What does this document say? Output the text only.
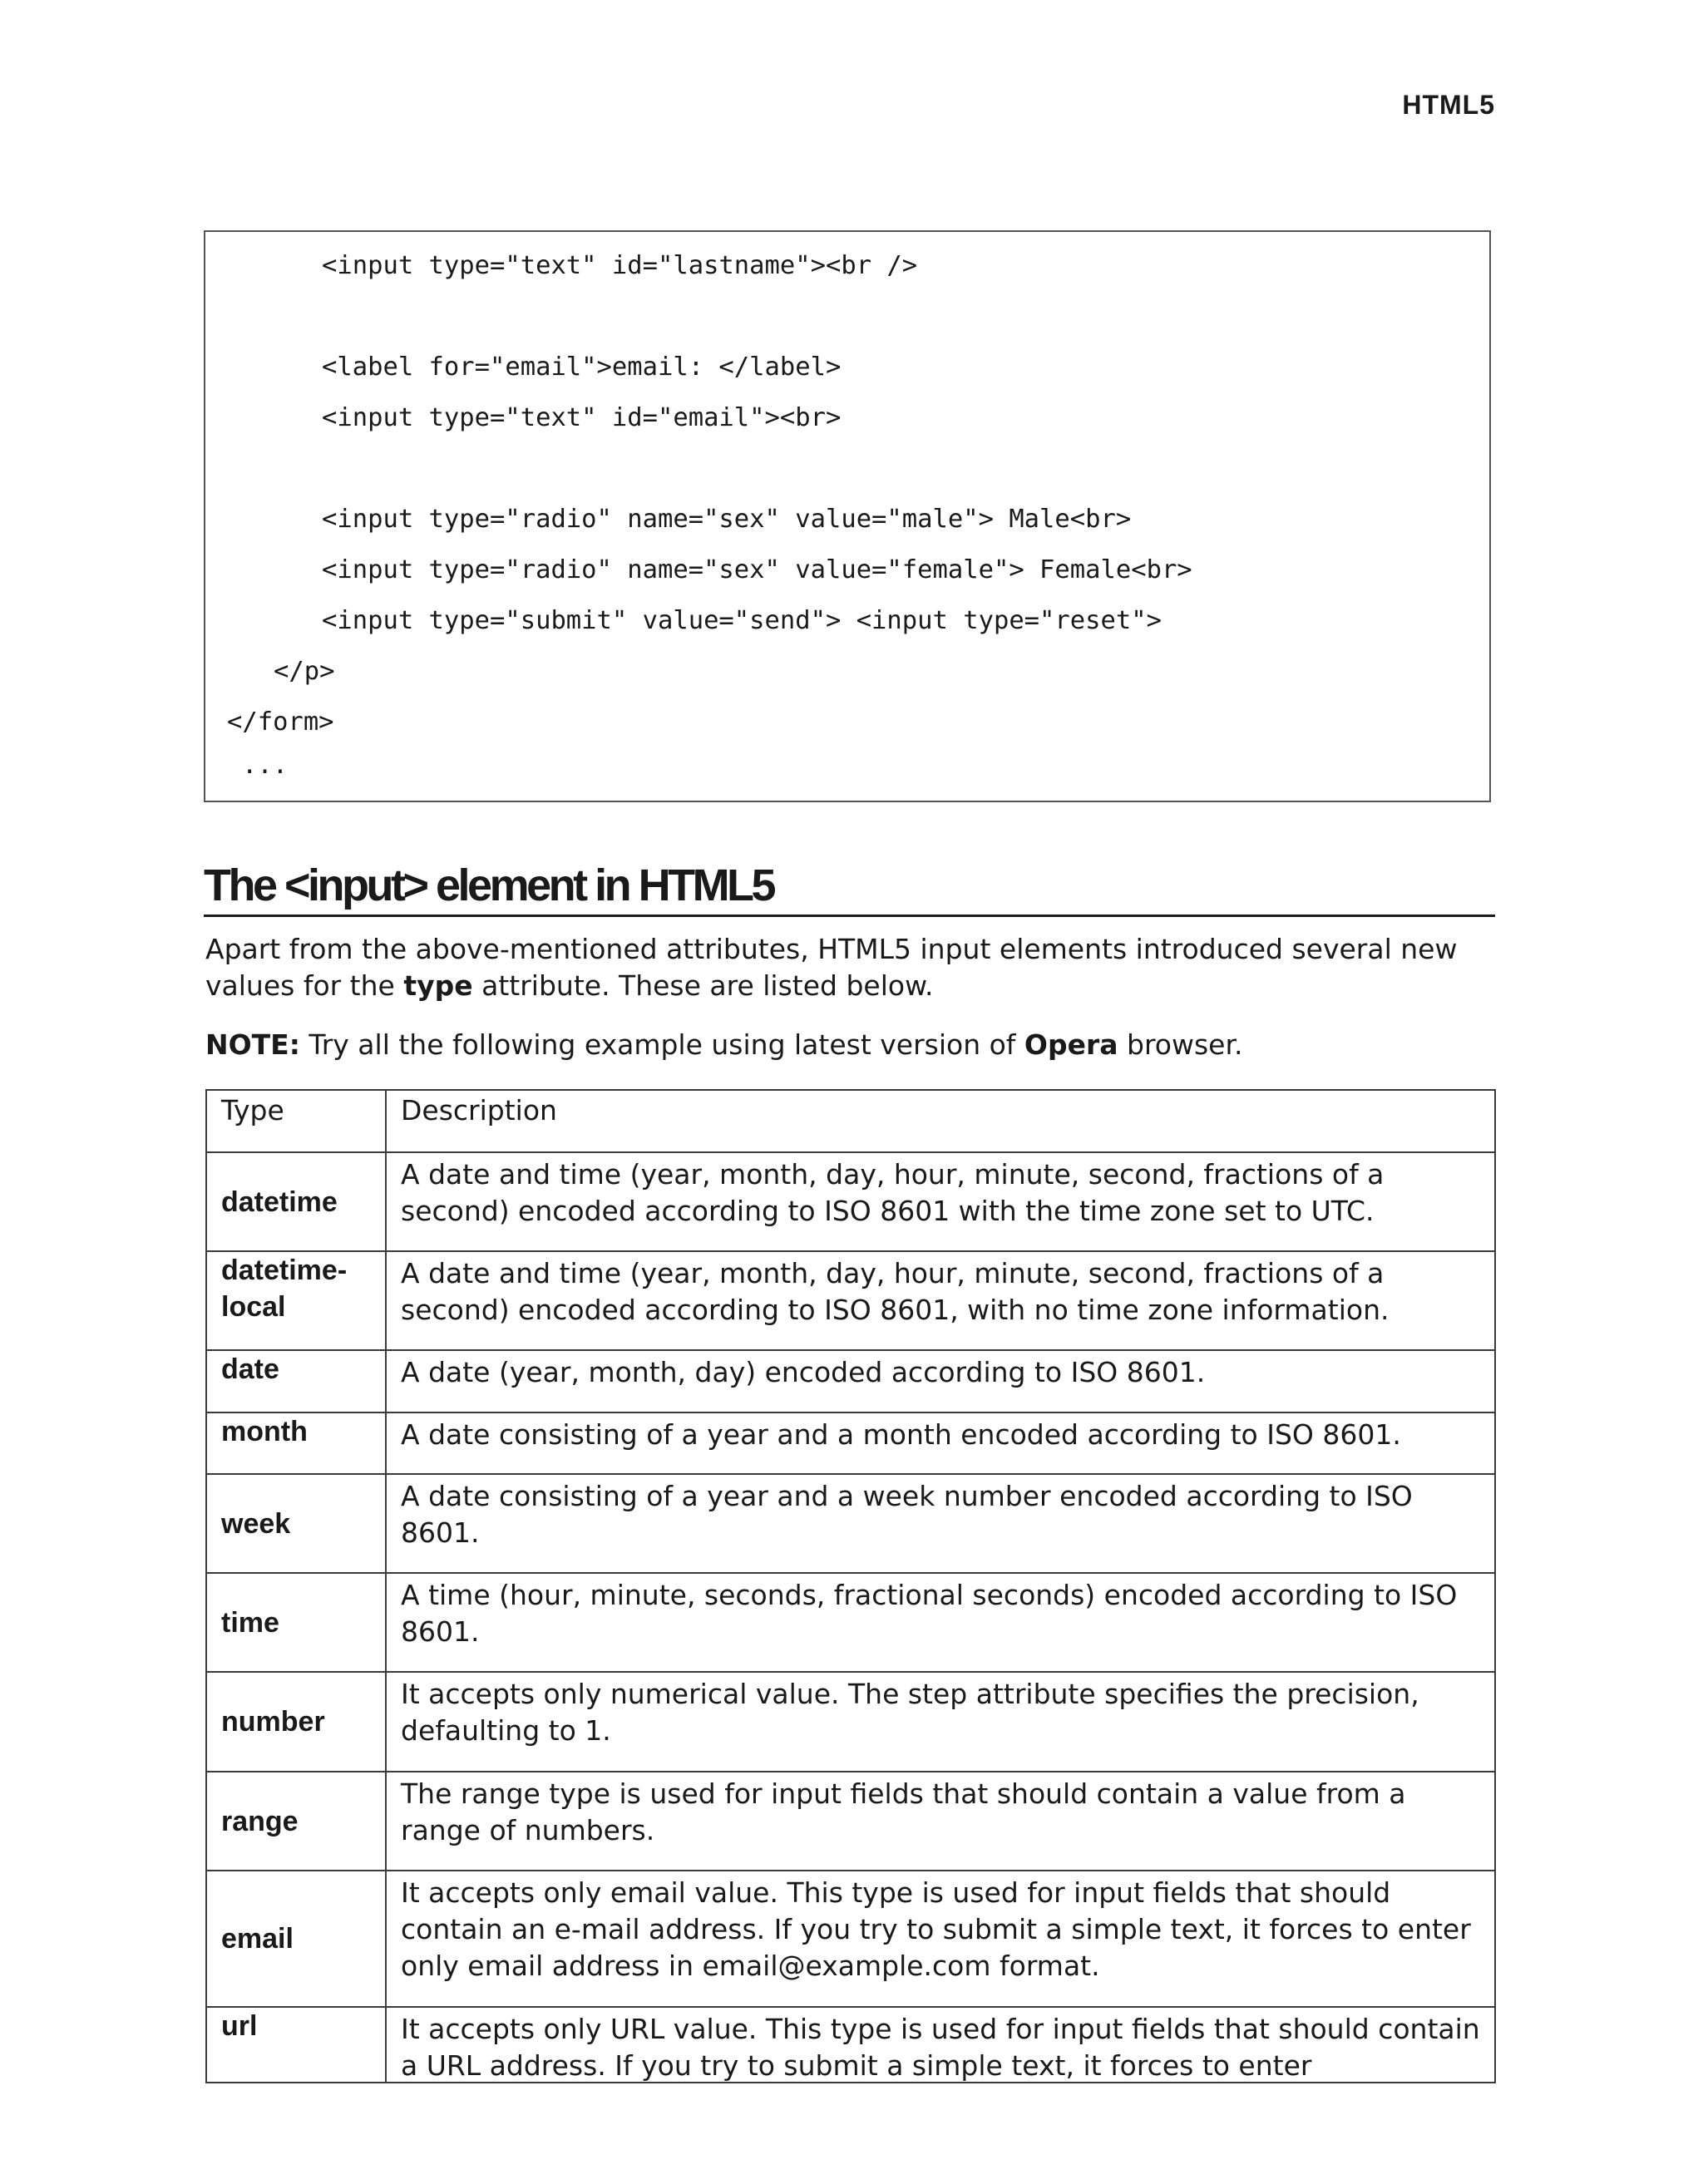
HTML5
<input type="text" id="lastname"><br />
<label for="email">email: </label>
<input type="text" id="email"><br>
<input type="radio" name="sex" value="male"> Male<br>
<input type="radio" name="sex" value="female"> Female<br>
<input type="submit" value="send"> <input type="reset">
</p>
</form>
...
The <input> element in HTML5
Apart from the above-mentioned attributes, HTML5 input elements introduced several new values for the type attribute. These are listed below.
NOTE: Try all the following example using latest version of Opera browser.
Type	Description
datetime	A date and time (year, month, day, hour, minute, second, fractions of a second) encoded according to ISO 8601 with the time zone set to UTC.
datetime-local	A date and time (year, month, day, hour, minute, second, fractions of a second) encoded according to ISO 8601, with no time zone information.
date	A date (year, month, day) encoded according to ISO 8601.
month	A date consisting of a year and a month encoded according to ISO 8601.
week	A date consisting of a year and a week number encoded according to ISO 8601.
time	A time (hour, minute, seconds, fractional seconds) encoded according to ISO 8601.
number	It accepts only numerical value. The step attribute specifies the precision, defaulting to 1.
range	The range type is used for input fields that should contain a value from a range of numbers.
email	It accepts only email value. This type is used for input fields that should contain an e-mail address. If you try to submit a simple text, it forces to enter only email address in email@example.com format.
url	It accepts only URL value. This type is used for input fields that should contain a URL address. If you try to submit a simple text, it forces to enter
